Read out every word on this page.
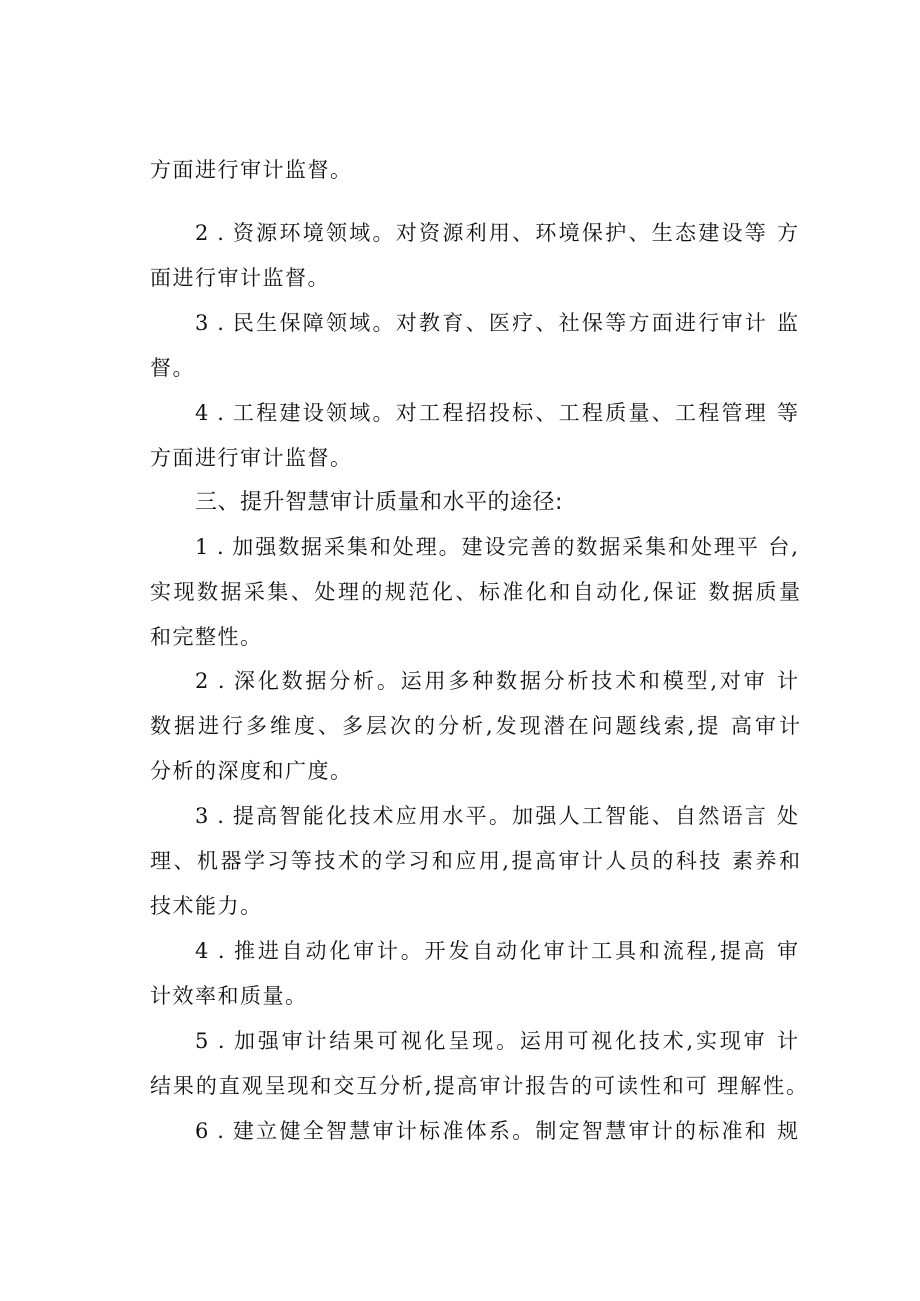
方面进行审计监督。
2 . 资源环境领域。对资源利用、环境保护、生态建设等 方
面进行审计监督。
3 . 民生保障领域。对教育、医疗、社保等方面进行审计 监
督。
4 . 工程建设领域。对工程招投标、工程质量、工程管理 等
方面进行审计监督。
三、提升智慧审计质量和水平的途径:
1 . 加强数据采集和处理。建设完善的数据采集和处理平 台,
实现数据采集、处理的规范化、标准化和自动化,保证 数据质量
和完整性。
2 . 深化数据分析。运用多种数据分析技术和模型,对审 计
数据进行多维度、多层次的分析,发现潜在问题线索,提 高审计
分析的深度和广度。
3 . 提高智能化技术应用水平。加强人工智能、自然语言 处
理、机器学习等技术的学习和应用,提高审计人员的科技 素养和
技术能力。
4 . 推进自动化审计。开发自动化审计工具和流程,提高 审
计效率和质量。
5 . 加强审计结果可视化呈现。运用可视化技术,实现审 计
结果的直观呈现和交互分析,提高审计报告的可读性和可 理解性。
6 . 建立健全智慧审计标准体系。制定智慧审计的标准和 规
